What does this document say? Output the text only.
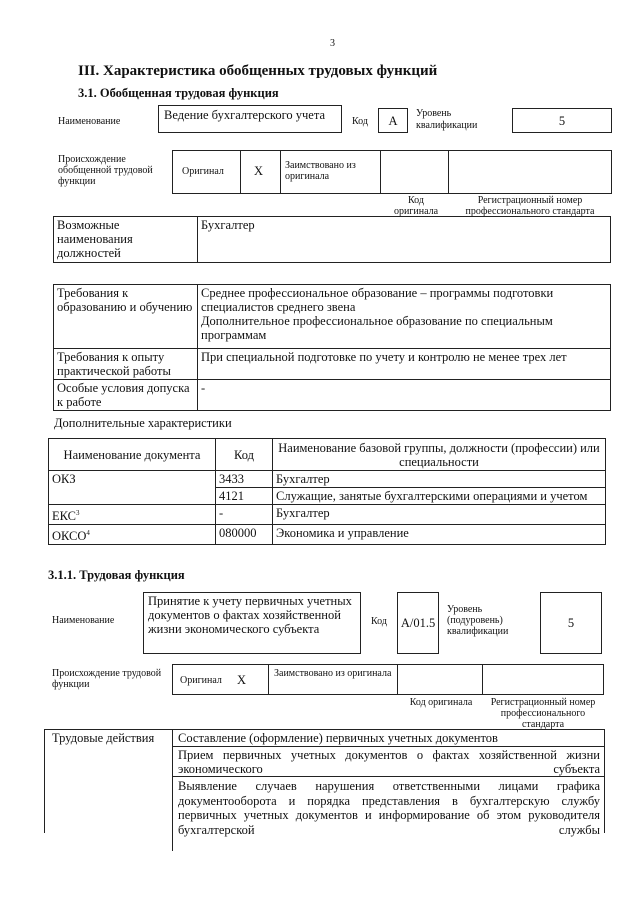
3
III. Характеристика обобщенных трудовых функций
3.1. Обобщенная трудовая функция
Наименование	Ведение бухгалтерского учета	Код	A
Уровень
квалификации	5
Происхождение обобщенной трудовой функции
Оригинал X Заимствовано из оригинала
Код оригинала
Регистрационный номер профессионального стандарта
Возможные наименования должностей	Бухгалтер
Требования к образованию и обучению	Среднее профессиональное образование – программы подготовки специалистов среднего звена
Дополнительное профессиональное образование по специальным программам

Требования к опыту практической работы	При специальной подготовке по учету и контролю не менее трех лет
Особые условия допуска к работе	-
Дополнительные характеристики
Наименование документа	Код	Наименование базовой группы, должности (профессии) или специальности
ОКЗ	3433	Бухгалтер
	4121	Служащие, занятые бухгалтерскими операциями и учетом
ЕКС$^3$	-	Бухгалтер
ОКСО$^4$	080000	Экономика и управление
3.1.1. Трудовая функция
Наименование
Принятие к учету первичных учетных документов о фактах хозяйственной жизни экономического субъекта
Код	A/01.5
Уровень (подуровень) квалификации
5
Происхождение трудовой функции	Оригинал X	Заимствовано из оригинала
Код оригинала	Регистрационный номер профессионального стандарта
Трудовые действия Составление (оформление) первичных учетных документов
Прием первичных учетных документов о фактах хозяйственной жизни экономического субъекта
Выявление случаев нарушения ответственными лицами графика документооборота и порядка представления в бухгалтерскую службу первичных учетных документов и информирование об этом руководителя бухгалтерской службы
